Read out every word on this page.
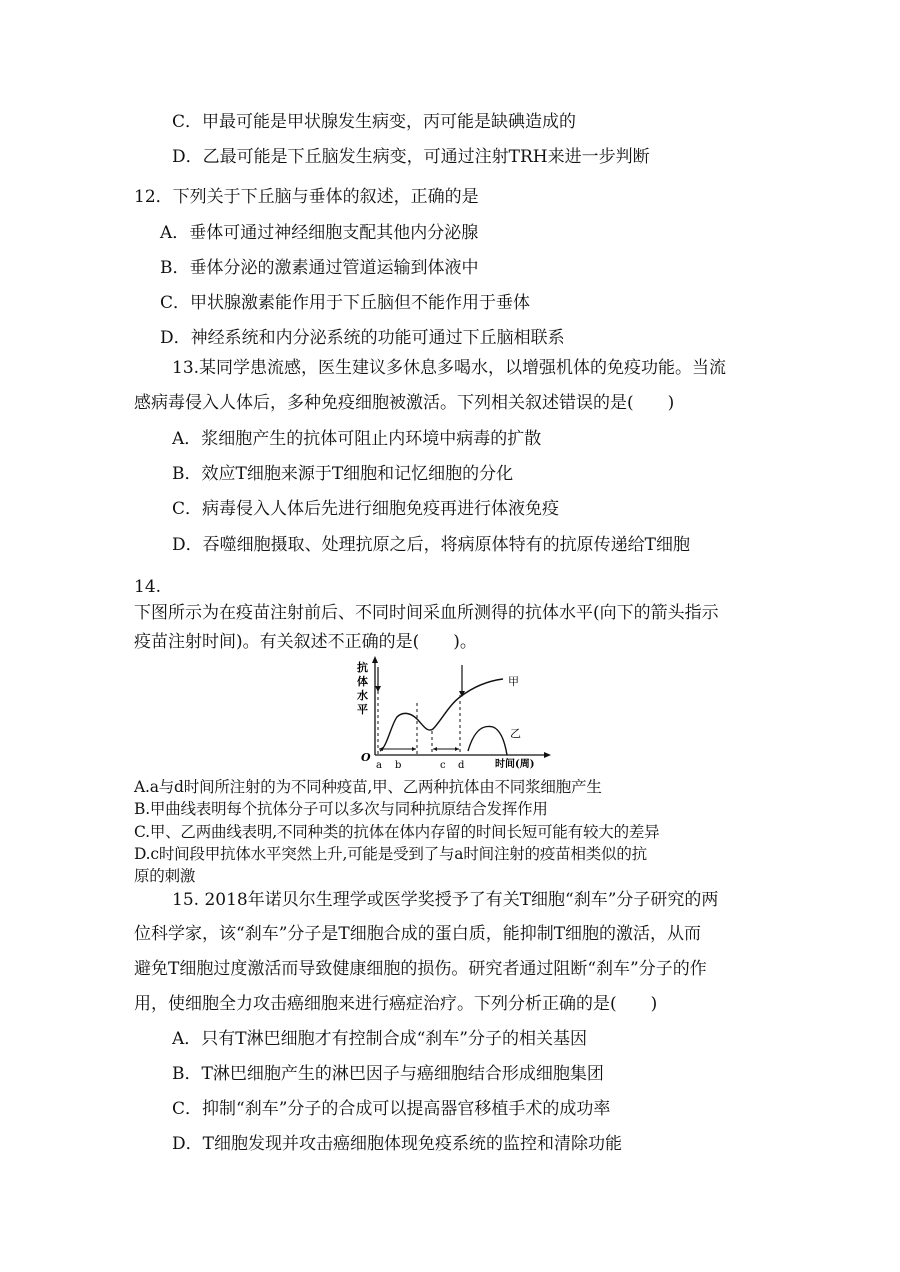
C．甲最可能是甲状腺发生病变，丙可能是缺碘造成的
D．乙最可能是下丘脑发生病变，可通过注射TRH来进一步判断
12．下列关于下丘脑与垂体的叙述，正确的是
A．垂体可通过神经细胞支配其他内分泌腺
B．垂体分泌的激素通过管道运输到体液中
C．甲状腺激素能作用于下丘脑但不能作用于垂体
D．神经系统和内分泌系统的功能可通过下丘脑相联系
13.某同学患流感，医生建议多休息多喝水，以增强机体的免疫功能。当流
感病毒侵入人体后，多种免疫细胞被激活。下列相关叙述错误的是(　　)
A．浆细胞产生的抗体可阻止内环境中病毒的扩散
B．效应T细胞来源于T细胞和记忆细胞的分化
C．病毒侵入人体后先进行细胞免疫再进行体液免疫
D．吞噬细胞摄取、处理抗原之后，将病原体特有的抗原传递给T细胞
14.
下图所示为在疫苗注射前后、不同时间采血所测得的抗体水平(向下的箭头指示
疫苗注射时间)。有关叙述不正确的是(　　)。
抗
体
水
平
O
甲
乙
a b	c d	时间(周)
A.a与d时间所注射的为不同种疫苗,甲、乙两种抗体由不同浆细胞产生
B.甲曲线表明每个抗体分子可以多次与同种抗原结合发挥作用
C.甲、乙两曲线表明,不同种类的抗体在体内存留的时间长短可能有较大的差异
D.c时间段甲抗体水平突然上升,可能是受到了与a时间注射的疫苗相类似的抗
原的刺激
15. 2018年诺贝尔生理学或医学奖授予了有关T细胞“刹车”分子研究的两
位科学家，该“刹车”分子是T细胞合成的蛋白质，能抑制T细胞的激活，从而
避免T细胞过度激活而导致健康细胞的损伤。研究者通过阻断“刹车”分子的作
用，使细胞全力攻击癌细胞来进行癌症治疗。下列分析正确的是(　　)
A．只有T淋巴细胞才有控制合成“刹车”分子的相关基因
B．T淋巴细胞产生的淋巴因子与癌细胞结合形成细胞集团
C．抑制“刹车”分子的合成可以提高器官移植手术的成功率
D．T细胞发现并攻击癌细胞体现免疫系统的监控和清除功能
